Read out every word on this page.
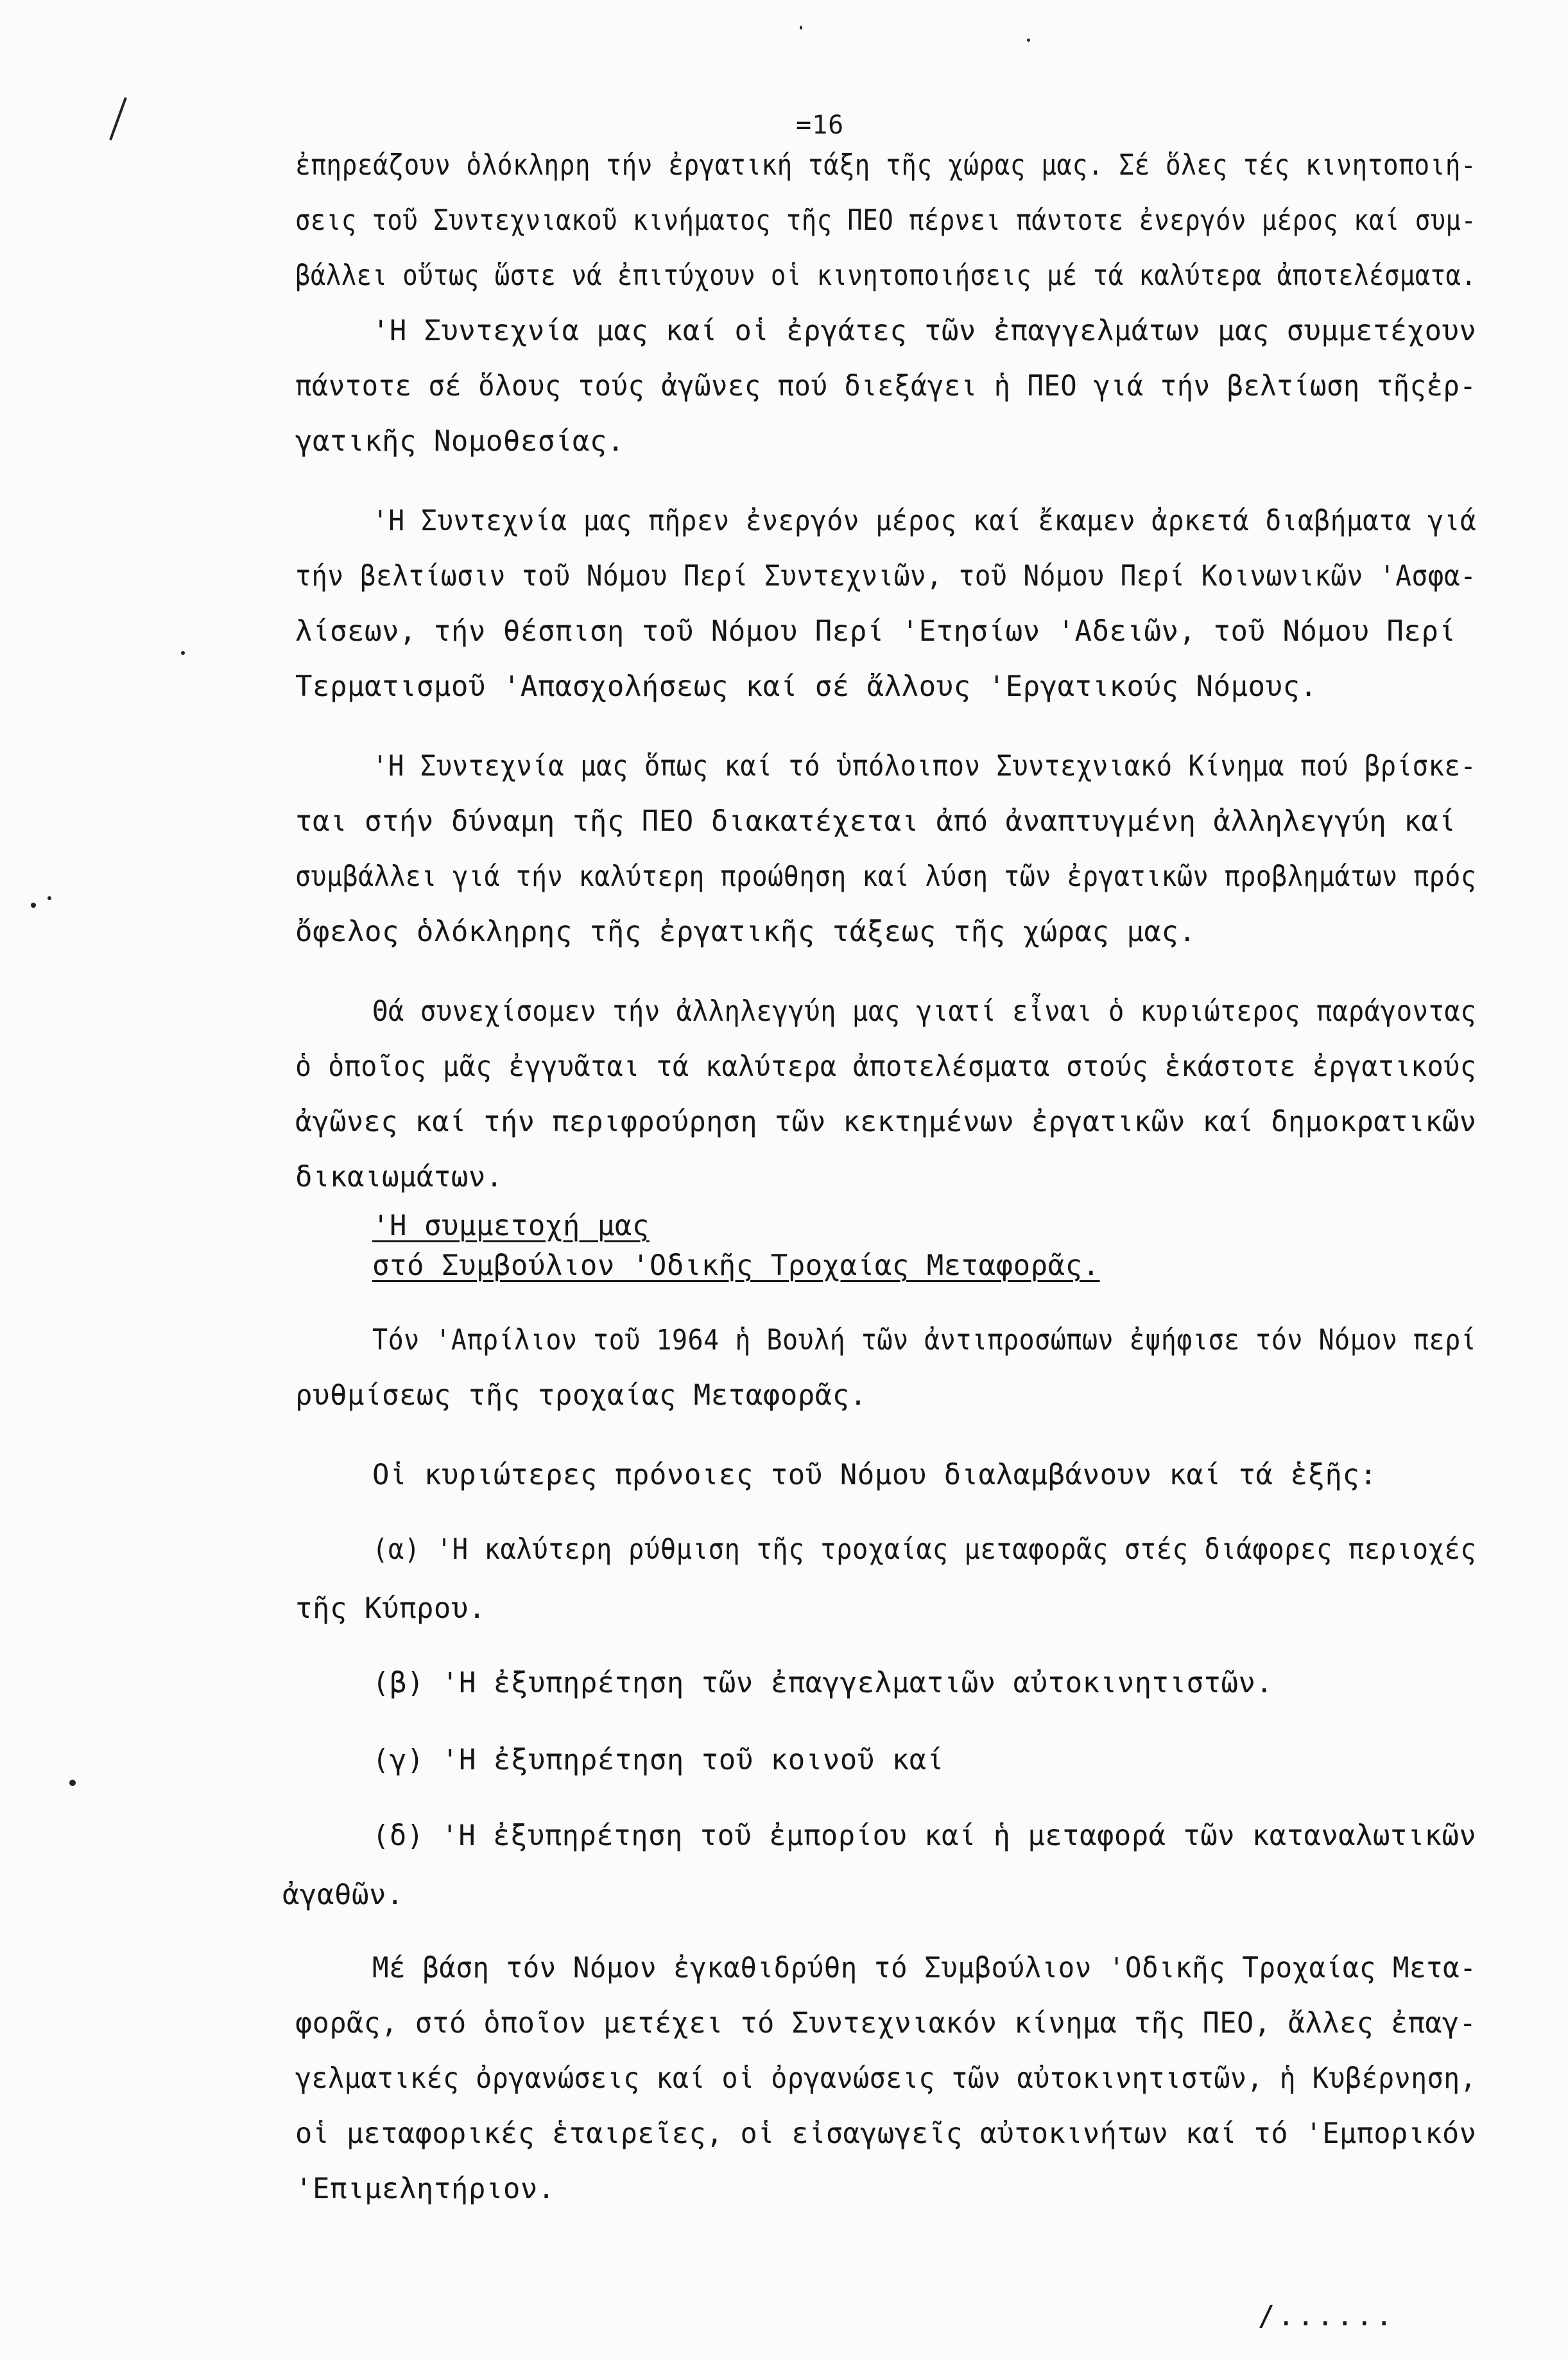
=16
ἐπηρεάζουν ὁλόκληρη τήν ἐργατική τάξη τῆς χώρας μας. Σέ ὅλες τές κινητοποιή-
σεις τοῦ Συντεχνιακοῦ κινήματος τῆς ΠΕΟ πέρνει πάντοτε ἐνεργόν μέρος καί συμ-
βάλλει οὕτως ὥστε νά ἐπιτύχουν οἱ κινητοποιήσεις μέ τά καλύτερα ἀποτελέσματα.
'Η Συντεχνία μας καί οἱ ἐργάτες τῶν ἐπαγγελμάτων μας συμμετέχουν
πάντοτε σέ ὅλους τούς ἀγῶνες πού διεξάγει ἡ ΠΕΟ γιά τήν βελτίωση τῆςἐρ-
γατικῆς Νομοθεσίας.
'Η Συντεχνία μας πῆρεν ἐνεργόν μέρος καί ἔκαμεν ἀρκετά διαβήματα γιά
τήν βελτίωσιν τοῦ Νόμου Περί Συντεχνιῶν, τοῦ Νόμου Περί Κοινωνικῶν 'Ασφα-
λίσεων, τήν θέσπιση τοῦ Νόμου Περί 'Ετησίων 'Αδειῶν, τοῦ Νόμου Περί
Τερματισμοῦ 'Απασχολήσεως καί σέ ἄλλους 'Εργατικούς Νόμους.
'Η Συντεχνία μας ὅπως καί τό ὑπόλοιπον Συντεχνιακό Κίνημα πού βρίσκε-
ται στήν δύναμη τῆς ΠΕΟ διακατέχεται ἀπό ἀναπτυγμένη ἀλληλεγγύη καί
συμβάλλει γιά τήν καλύτερη προώθηση καί λύση τῶν ἐργατικῶν προβλημάτων πρός
ὄφελος ὁλόκληρης τῆς ἐργατικῆς τάξεως τῆς χώρας μας.
Θά συνεχίσομεν τήν ἀλληλεγγύη μας γιατί εἶναι ὁ κυριώτερος παράγοντας
ὁ ὁποῖος μᾶς ἐγγυᾶται τά καλύτερα ἀποτελέσματα στούς ἑκάστοτε ἐργατικούς
ἀγῶνες καί τήν περιφρούρηση τῶν κεκτημένων ἐργατικῶν καί δημοκρατικῶν
δικαιωμάτων.
'Η συμμετοχή μας
στό Συμβούλιον 'Οδικῆς Τροχαίας Μεταφορᾶς.
Τόν 'Απρίλιον τοῦ 1964 ἡ Βουλή τῶν ἀντιπροσώπων ἐψήφισε τόν Νόμον περί
ρυθμίσεως τῆς τροχαίας Μεταφορᾶς.
Οἱ κυριώτερες πρόνοιες τοῦ Νόμου διαλαμβάνουν καί τά ἑξῆς:
(α) 'Η καλύτερη ρύθμιση τῆς τροχαίας μεταφορᾶς στές διάφορες περιοχές
τῆς Κύπρου.
(β) 'Η ἐξυπηρέτηση τῶν ἐπαγγελματιῶν αὐτοκινητιστῶν.
(γ) 'Η ἐξυπηρέτηση τοῦ κοινοῦ καί
(δ) 'Η ἐξυπηρέτηση τοῦ ἐμπορίου καί ἡ μεταφορά τῶν καταναλωτικῶν
ἀγαθῶν.
Μέ βάση τόν Νόμον ἐγκαθιδρύθη τό Συμβούλιον 'Οδικῆς Τροχαίας Μετα-
φορᾶς, στό ὁποῖον μετέχει τό Συντεχνιακόν κίνημα τῆς ΠΕΟ, ἄλλες ἐπαγ-
γελματικές ὀργανώσεις καί οἱ ὀργανώσεις τῶν αὐτοκινητιστῶν, ἡ Κυβέρνηση,
οἱ μεταφορικές ἑταιρεῖες, οἱ εἰσαγωγεῖς αὐτοκινήτων καί τό 'Εμπορικόν
'Επιμελητήριον.
/......
